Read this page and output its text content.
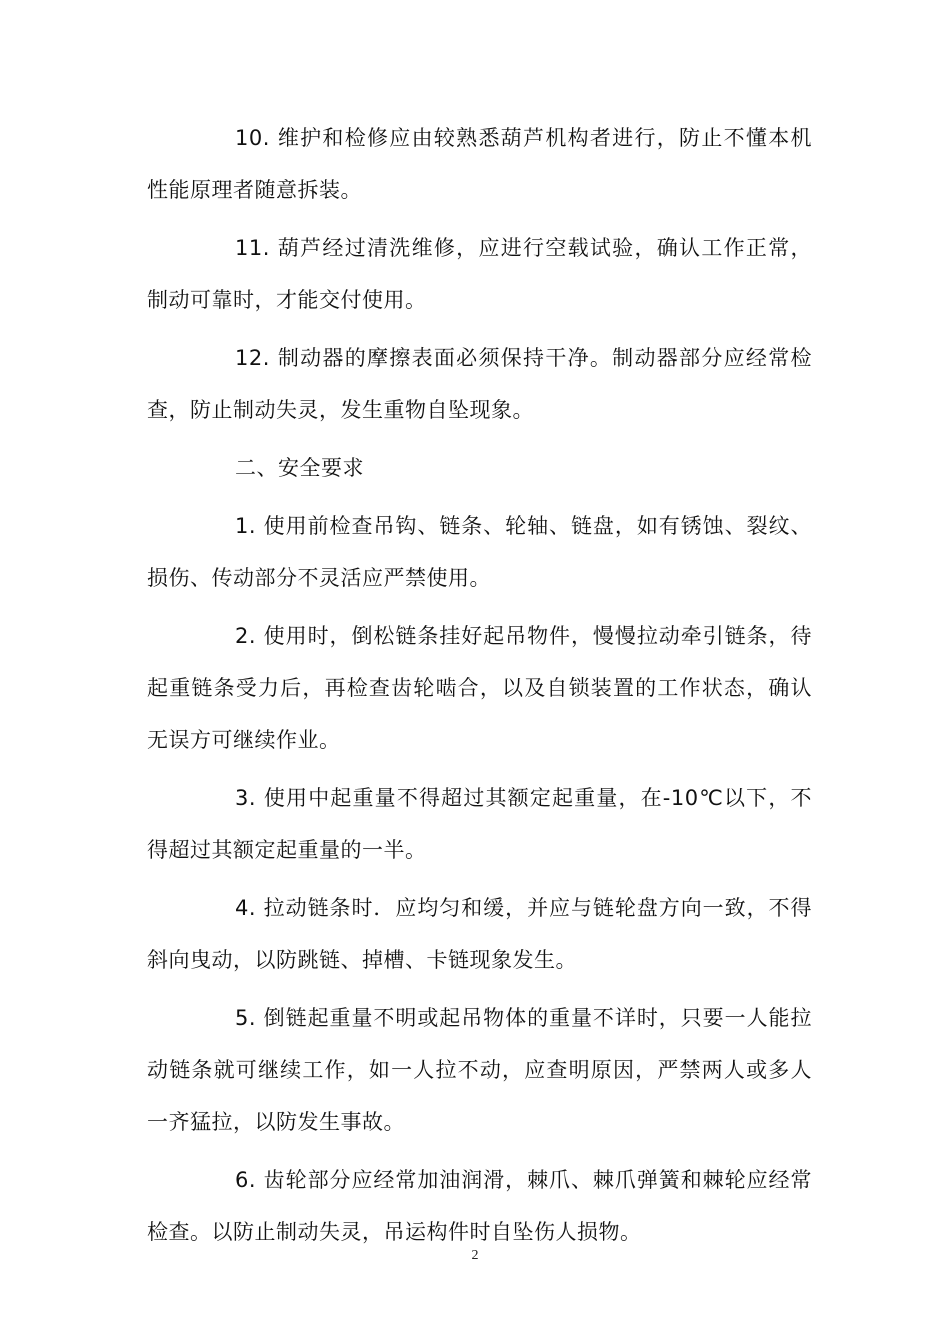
10. 维护和检修应由较熟悉葫芦机构者进行，防止不懂本机性能原理者随意拆装。

11. 葫芦经过清洗维修，应进行空载试验，确认工作正常，制动可靠时，才能交付使用。

12. 制动器的摩擦表面必须保持干净。制动器部分应经常检查，防止制动失灵，发生重物自坠现象。

二、安全要求

1. 使用前检查吊钩、链条、轮轴、链盘，如有锈蚀、裂纹、损伤、传动部分不灵活应严禁使用。

2. 使用时，倒松链条挂好起吊物件，慢慢拉动牵引链条，待起重链条受力后，再检查齿轮啮合，以及自锁装置的工作状态，确认无误方可继续作业。

3. 使用中起重量不得超过其额定起重量，在-10℃以下，不得超过其额定起重量的一半。

4. 拉动链条时．应均匀和缓，并应与链轮盘方向一致，不得斜向曳动，以防跳链、掉槽、卡链现象发生。

5. 倒链起重量不明或起吊物体的重量不详时，只要一人能拉动链条就可继续工作，如一人拉不动，应查明原因，严禁两人或多人一齐猛拉，以防发生事故。

6. 齿轮部分应经常加油润滑，棘爪、棘爪弹簧和棘轮应经常检查。以防止制动失灵，吊运构件时自坠伤人损物。

2
